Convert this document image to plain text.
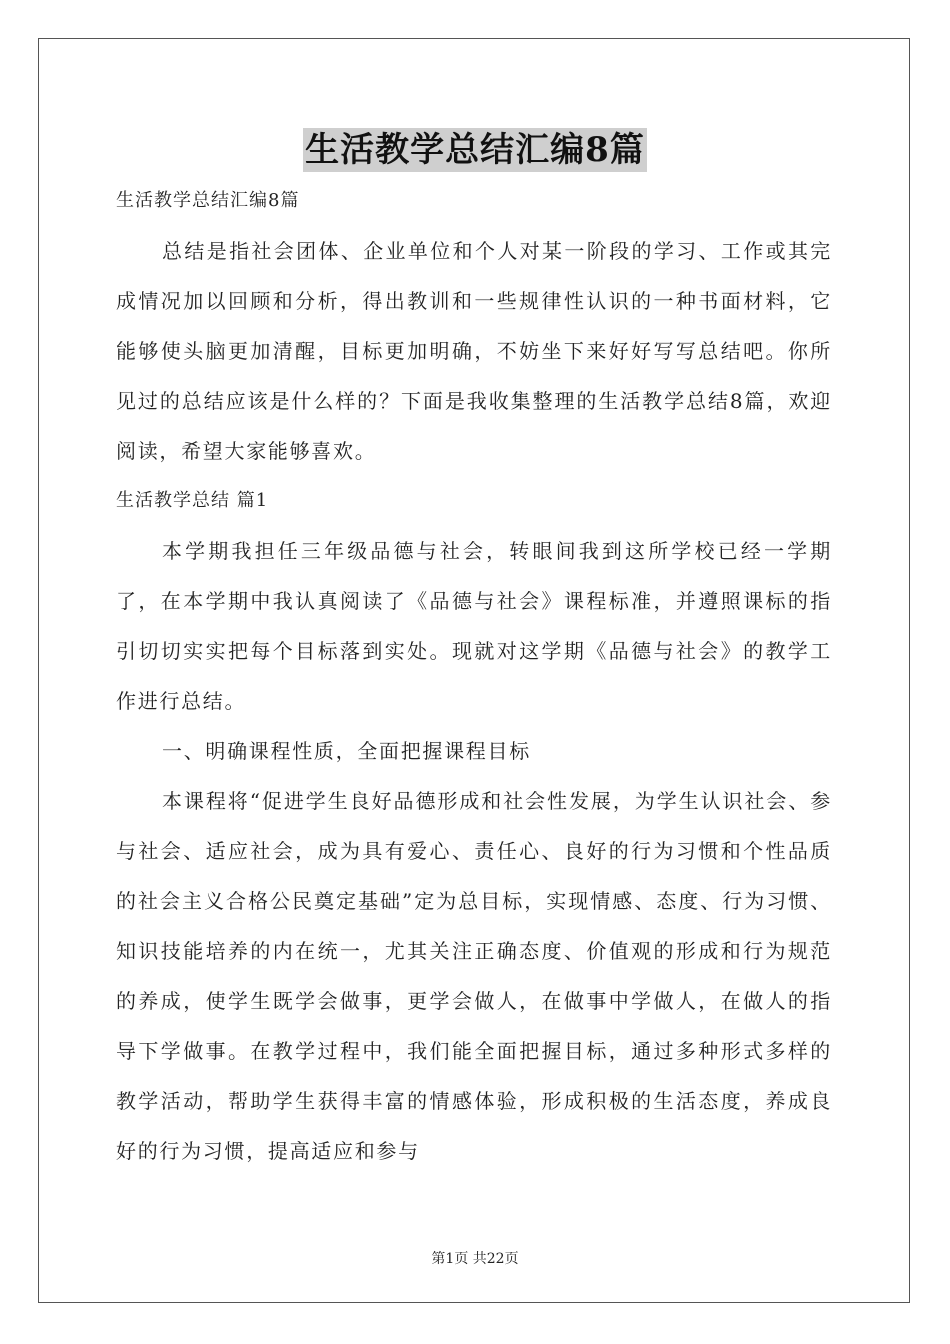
生活教学总结汇编8篇

生活教学总结汇编8篇

总结是指社会团体、企业单位和个人对某一阶段的学习、工作或其完成情况加以回顾和分析，得出教训和一些规律性认识的一种书面材料，它能够使头脑更加清醒，目标更加明确，不妨坐下来好好写写总结吧。你所见过的总结应该是什么样的？下面是我收集整理的生活教学总结8篇，欢迎阅读，希望大家能够喜欢。

生活教学总结 篇1

本学期我担任三年级品德与社会，转眼间我到这所学校已经一学期了，在本学期中我认真阅读了《品德与社会》课程标准，并遵照课标的指引切切实实把每个目标落到实处。现就对这学期《品德与社会》的教学工作进行总结。

一、明确课程性质，全面把握课程目标

本课程将“促进学生良好品德形成和社会性发展，为学生认识社会、参与社会、适应社会，成为具有爱心、责任心、良好的行为习惯和个性品质的社会主义合格公民奠定基础”定为总目标，实现情感、态度、行为习惯、知识技能培养的内在统一，尤其关注正确态度、价值观的形成和行为规范的养成，使学生既学会做事，更学会做人，在做事中学做人，在做人的指导下学做事。在教学过程中，我们能全面把握目标，通过多种形式多样的教学活动，帮助学生获得丰富的情感体验，形成积极的生活态度，养成良好的行为习惯，提高适应和参与

第1页 共22页
